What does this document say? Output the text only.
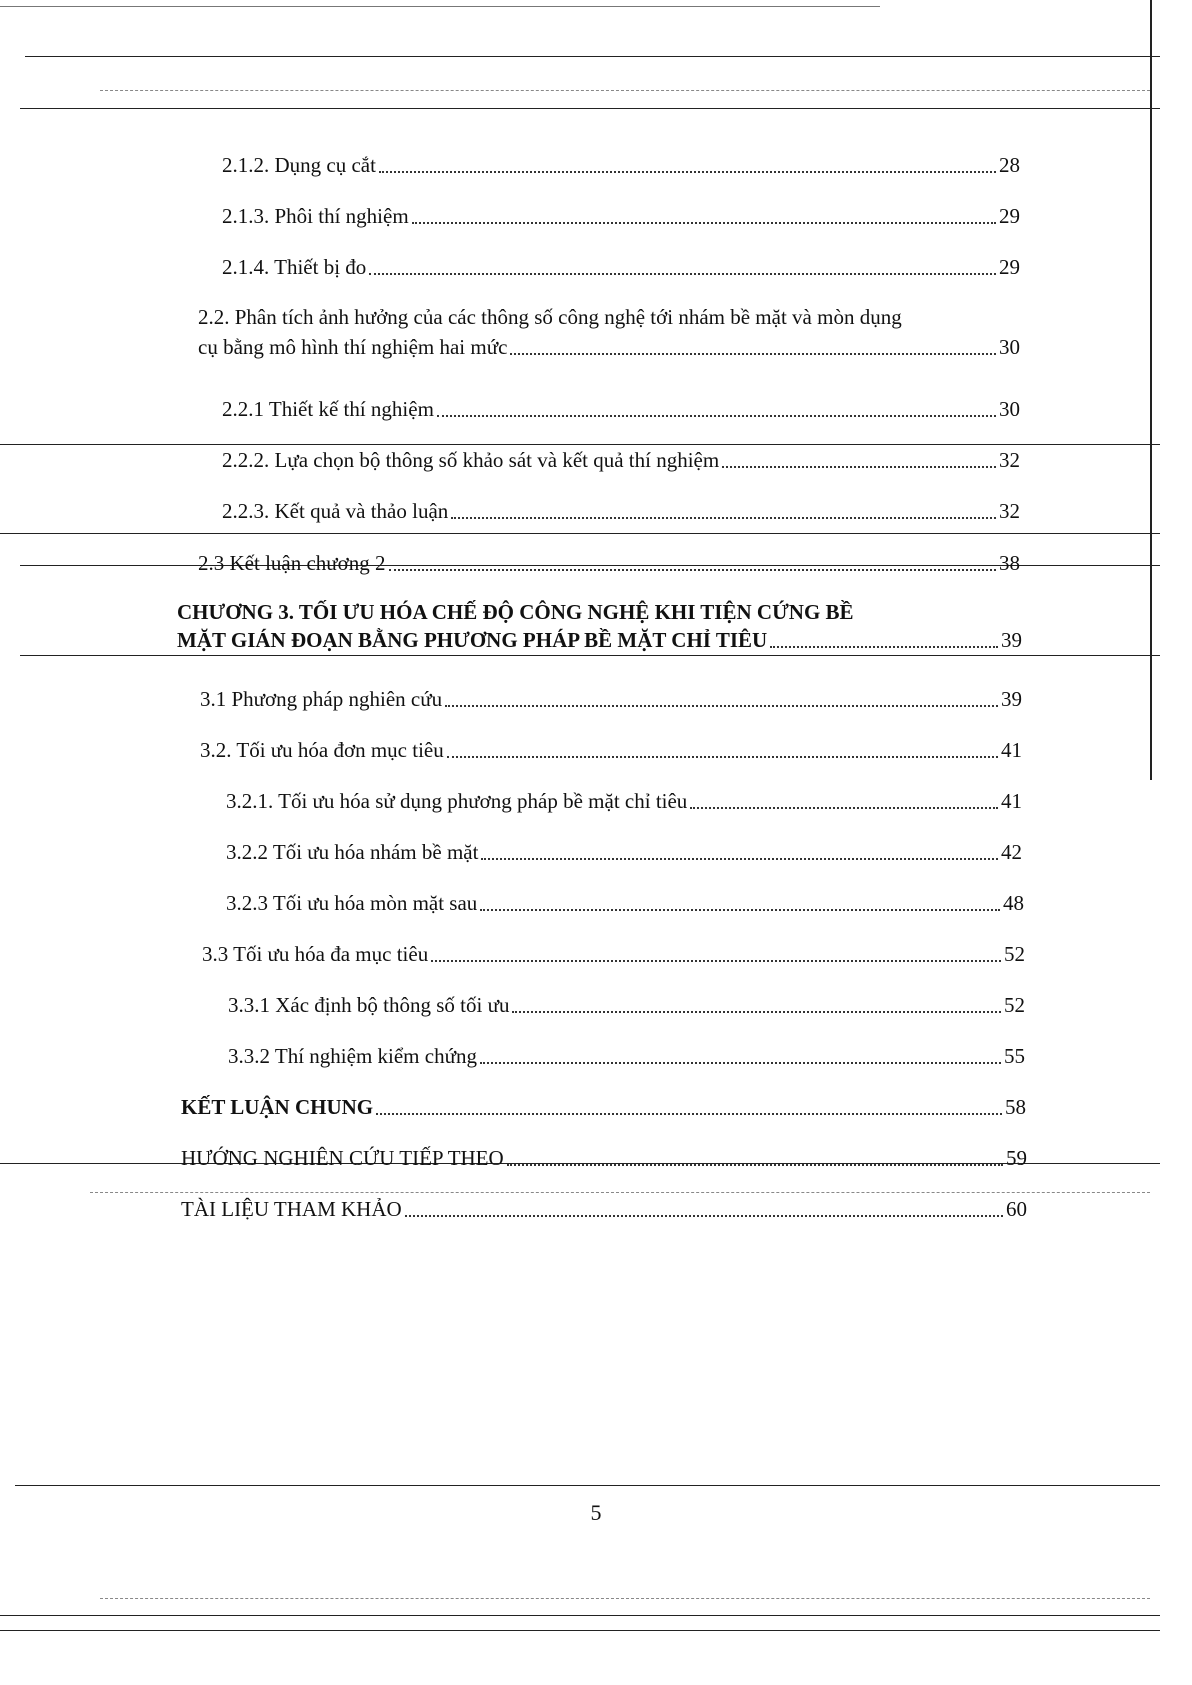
2.1.2. Dụng cụ cắt	28
2.1.3. Phôi thí nghiệm	29
2.1.4. Thiết bị đo	29
2.2. Phân tích ảnh hưởng của các thông số công nghệ tới nhám bề mặt và mòn dụng
cụ bằng mô hình thí nghiệm hai mức	30
2.2.1 Thiết kế thí nghiệm	30
2.2.2. Lựa chọn bộ thông số khảo sát và kết quả thí nghiệm	32
2.2.3. Kết quả và thảo luận	32
2.3 Kết luận chương 2	38
CHƯƠNG 3. TỐI ƯU HÓA CHẾ ĐỘ CÔNG NGHỆ KHI TIỆN CỨNG BỀ
MẶT GIÁN ĐOẠN BẰNG PHƯƠNG PHÁP BỀ MẶT CHỈ TIÊU	39
3.1 Phương pháp nghiên cứu	39
3.2. Tối ưu hóa đơn mục tiêu	41
3.2.1. Tối ưu hóa sử dụng phương pháp bề mặt chỉ tiêu	41
3.2.2 Tối ưu hóa nhám bề mặt	42
3.2.3 Tối ưu hóa mòn mặt sau	48
3.3 Tối ưu hóa đa mục tiêu	52
3.3.1 Xác định bộ thông số tối ưu	52
3.3.2 Thí nghiệm kiểm chứng	55
KẾT LUẬN CHUNG	58
HƯỚNG NGHIÊN CỨU TIẾP THEO	59
TÀI LIỆU THAM KHẢO	60
5
